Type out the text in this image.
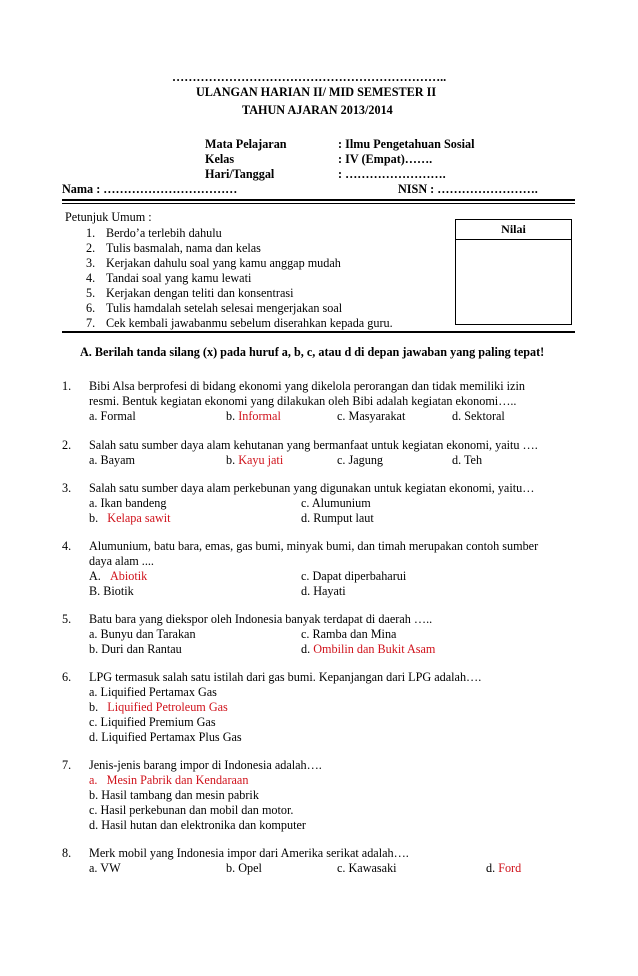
…………………………………………………………..
ULANGAN HARIAN II/ MID SEMESTER II
TAHUN AJARAN 2013/2014
Mata Pelajaran	: Ilmu Pengetahuan Sosial
Kelas	: IV (Empat)…….
Hari/Tanggal	: …………………….
Nama : ……………………………	NISN : …………………….
Petunjuk Umum :
1. Berdo’a terlebih dahulu
2. Tulis basmalah, nama dan kelas
3. Kerjakan dahulu soal yang kamu anggap mudah
4. Tandai soal yang kamu lewati
5. Kerjakan dengan teliti dan konsentrasi
6. Tulis hamdalah setelah selesai mengerjakan soal
7. Cek kembali jawabanmu sebelum diserahkan kepada guru.
Nilai
A. Berilah tanda silang (x) pada huruf a, b, c, atau d di depan jawaban yang paling tepat!
1. Bibi Alsa berprofesi di bidang ekonomi yang dikelola perorangan dan tidak memiliki izin
resmi. Bentuk kegiatan ekonomi yang dilakukan oleh Bibi adalah kegiatan ekonomi…..
a. Formal	b. Informal	c. Masyarakat	d. Sektoral
2. Salah satu sumber daya alam kehutanan yang bermanfaat untuk kegiatan ekonomi, yaitu ….
a. Bayam	b. Kayu jati	c. Jagung	d. Teh
3. Salah satu sumber daya alam perkebunan yang digunakan untuk kegiatan ekonomi, yaitu…
a. Ikan bandeng
b. Kelapa sawit
c. Alumunium
d. Rumput laut
4. Alumunium, batu bara, emas, gas bumi, minyak bumi, dan timah merupakan contoh sumber
daya alam ....
A. Abiotik
B. Biotik
c. Dapat diperbaharui
d. Hayati
5. Batu bara yang diekspor oleh Indonesia banyak terdapat di daerah …..
a. Bunyu dan Tarakan
b. Duri dan Rantau
c. Ramba dan Mina
d. Ombilin dan Bukit Asam
6. LPG termasuk salah satu istilah dari gas bumi. Kepanjangan dari LPG adalah….
a. Liquified Pertamax Gas
b. Liquified Petroleum Gas
c. Liquified Premium Gas
d. Liquified Pertamax Plus Gas
7. Jenis-jenis barang impor di Indonesia adalah….
a. Mesin Pabrik dan Kendaraan
b. Hasil tambang dan mesin pabrik
c. Hasil perkebunan dan mobil dan motor.
d. Hasil hutan dan elektronika dan komputer
8. Merk mobil yang Indonesia impor dari Amerika serikat adalah….
a. VW	b. Opel	c. Kawasaki	d. Ford
